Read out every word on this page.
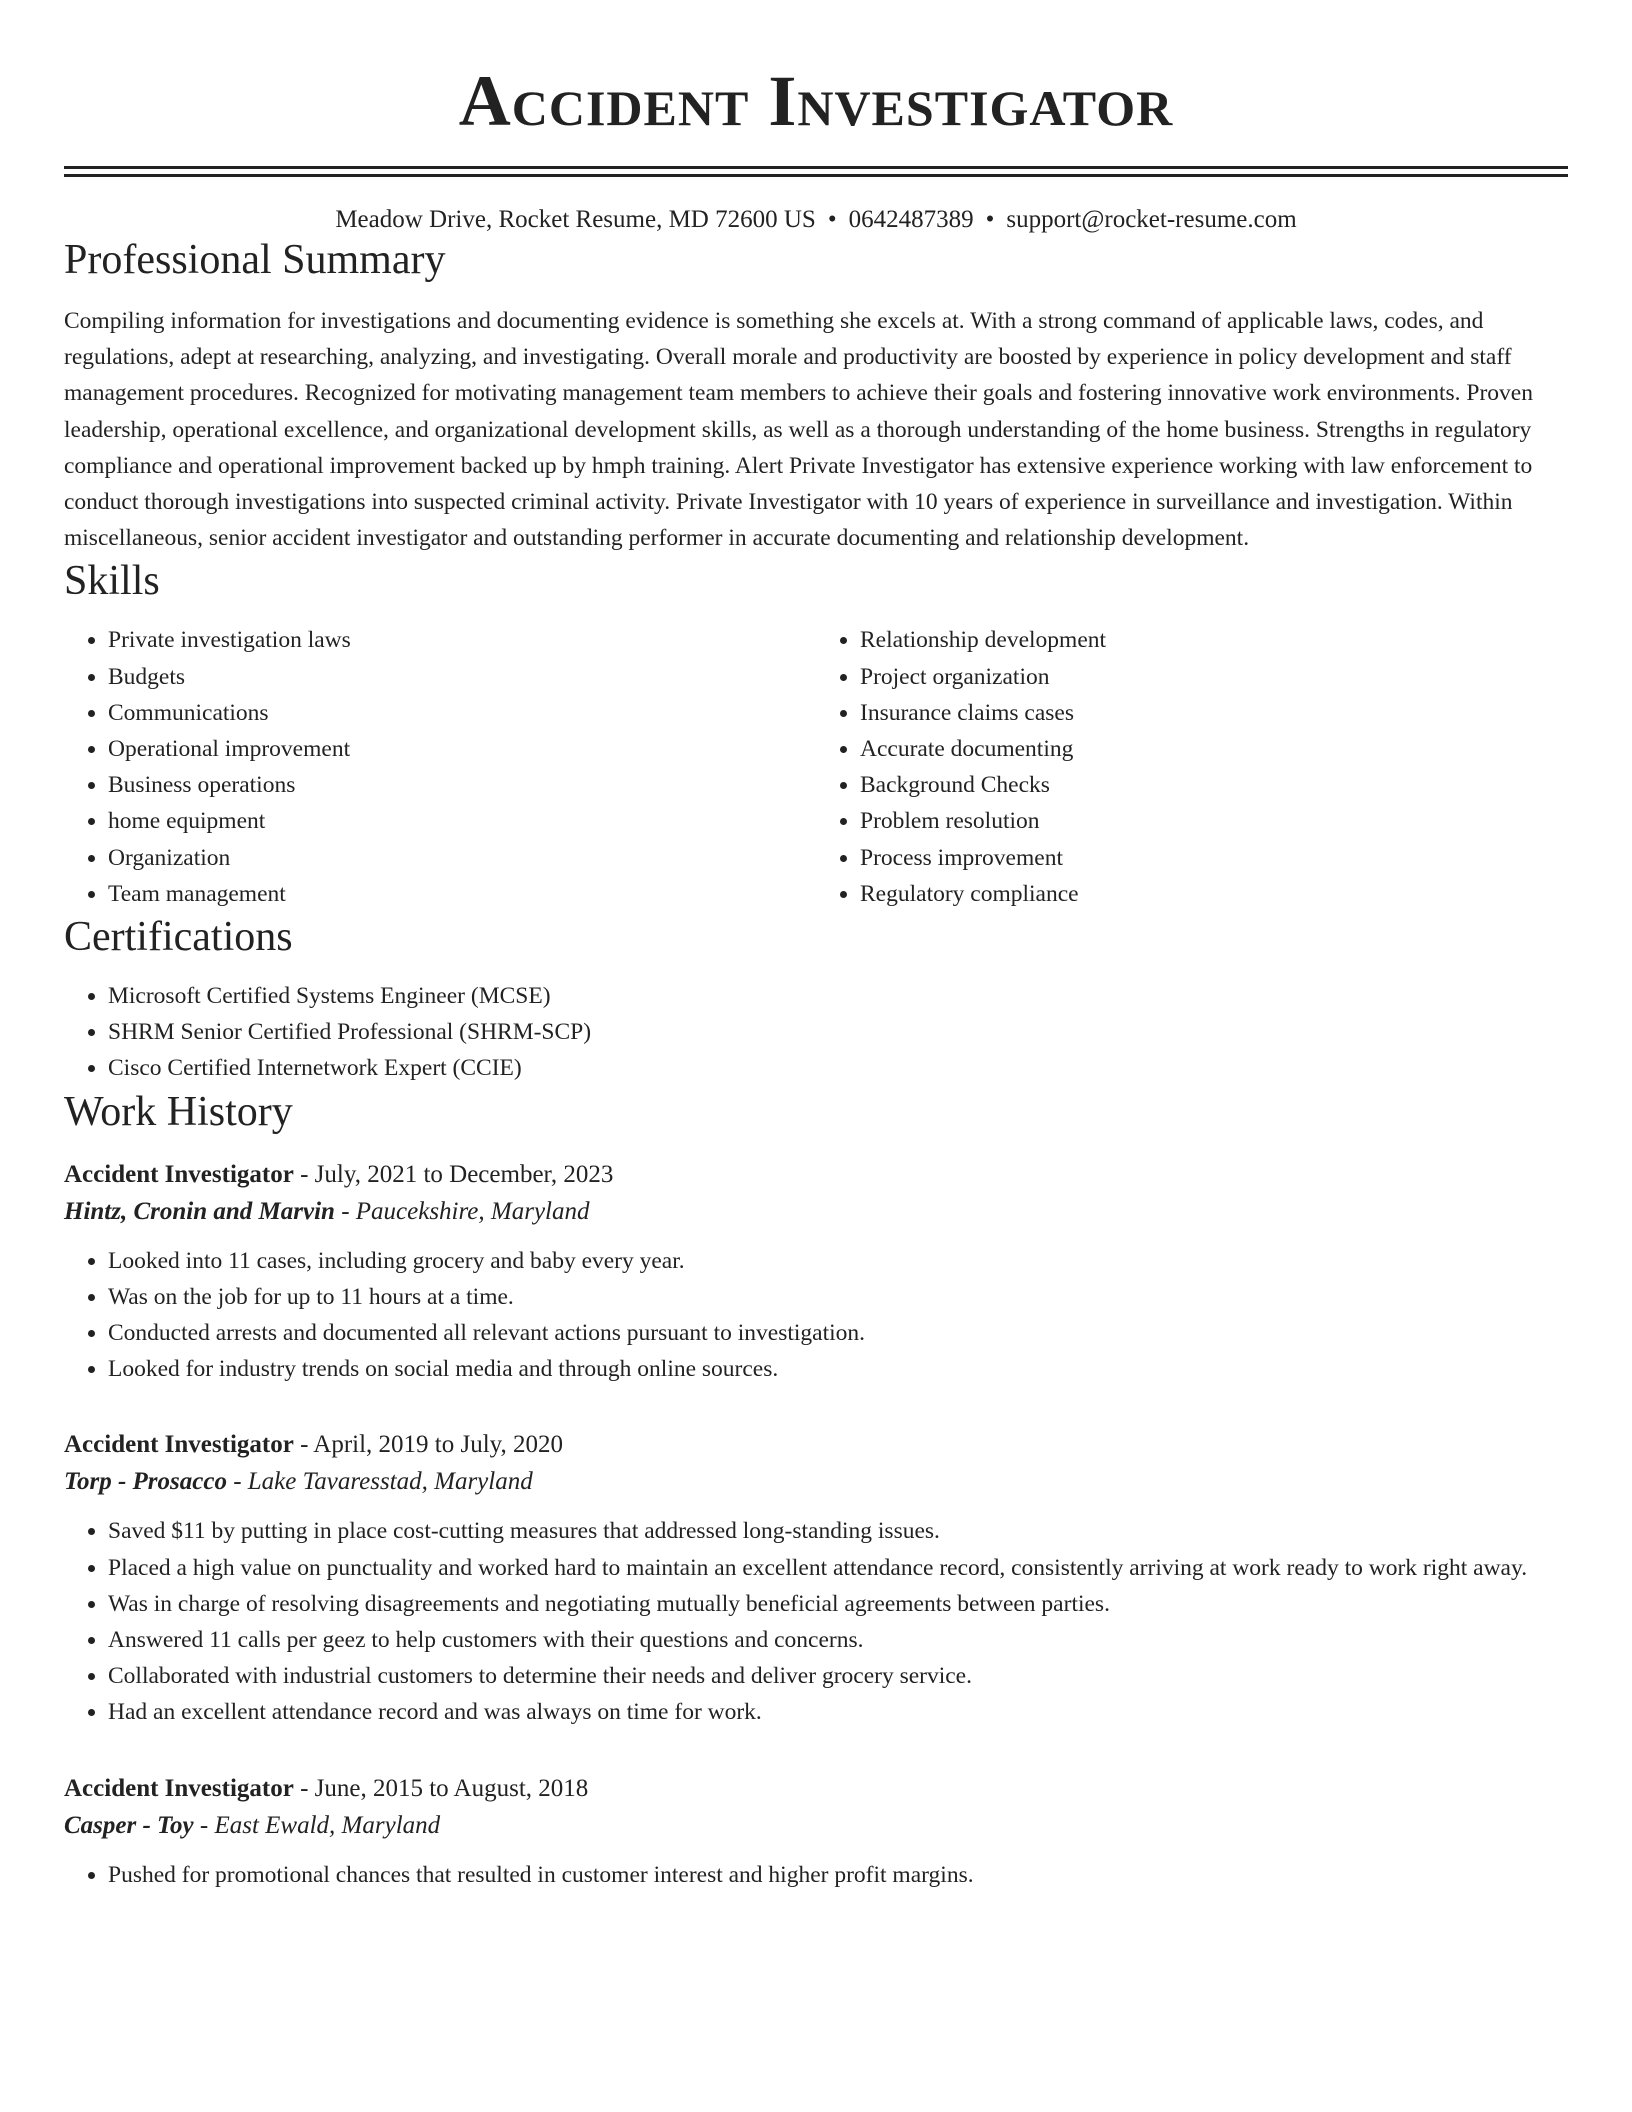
Accident Investigator
Meadow Drive, Rocket Resume, MD 72600 US • 0642487389 • support@rocket-resume.com
Professional Summary
Compiling information for investigations and documenting evidence is something she excels at. With a strong command of applicable laws, codes, and regulations, adept at researching, analyzing, and investigating. Overall morale and productivity are boosted by experience in policy development and staff management procedures. Recognized for motivating management team members to achieve their goals and fostering innovative work environments. Proven leadership, operational excellence, and organizational development skills, as well as a thorough understanding of the home business. Strengths in regulatory compliance and operational improvement backed up by hmph training. Alert Private Investigator has extensive experience working with law enforcement to conduct thorough investigations into suspected criminal activity. Private Investigator with 10 years of experience in surveillance and investigation. Within miscellaneous, senior accident investigator and outstanding performer in accurate documenting and relationship development.
Skills
• Private investigation laws
• Budgets
• Communications
• Operational improvement
• Business operations
• home equipment
• Organization
• Team management
• Relationship development
• Project organization
• Insurance claims cases
• Accurate documenting
• Background Checks
• Problem resolution
• Process improvement
• Regulatory compliance
Certifications
• Microsoft Certified Systems Engineer (MCSE)
• SHRM Senior Certified Professional (SHRM-SCP)
• Cisco Certified Internetwork Expert (CCIE)
Work History
Accident Investigator - July, 2021 to December, 2023
Hintz, Cronin and Marvin - Paucekshire, Maryland
• Looked into 11 cases, including grocery and baby every year.
• Was on the job for up to 11 hours at a time.
• Conducted arrests and documented all relevant actions pursuant to investigation.
• Looked for industry trends on social media and through online sources.
Accident Investigator - April, 2019 to July, 2020
Torp - Prosacco - Lake Tavaresstad, Maryland
• Saved $11 by putting in place cost-cutting measures that addressed long-standing issues.
• Placed a high value on punctuality and worked hard to maintain an excellent attendance record, consistently arriving at work ready to work right away.
• Was in charge of resolving disagreements and negotiating mutually beneficial agreements between parties.
• Answered 11 calls per geez to help customers with their questions and concerns.
• Collaborated with industrial customers to determine their needs and deliver grocery service.
• Had an excellent attendance record and was always on time for work.
Accident Investigator - June, 2015 to August, 2018
Casper - Toy - East Ewald, Maryland
• Pushed for promotional chances that resulted in customer interest and higher profit margins.
